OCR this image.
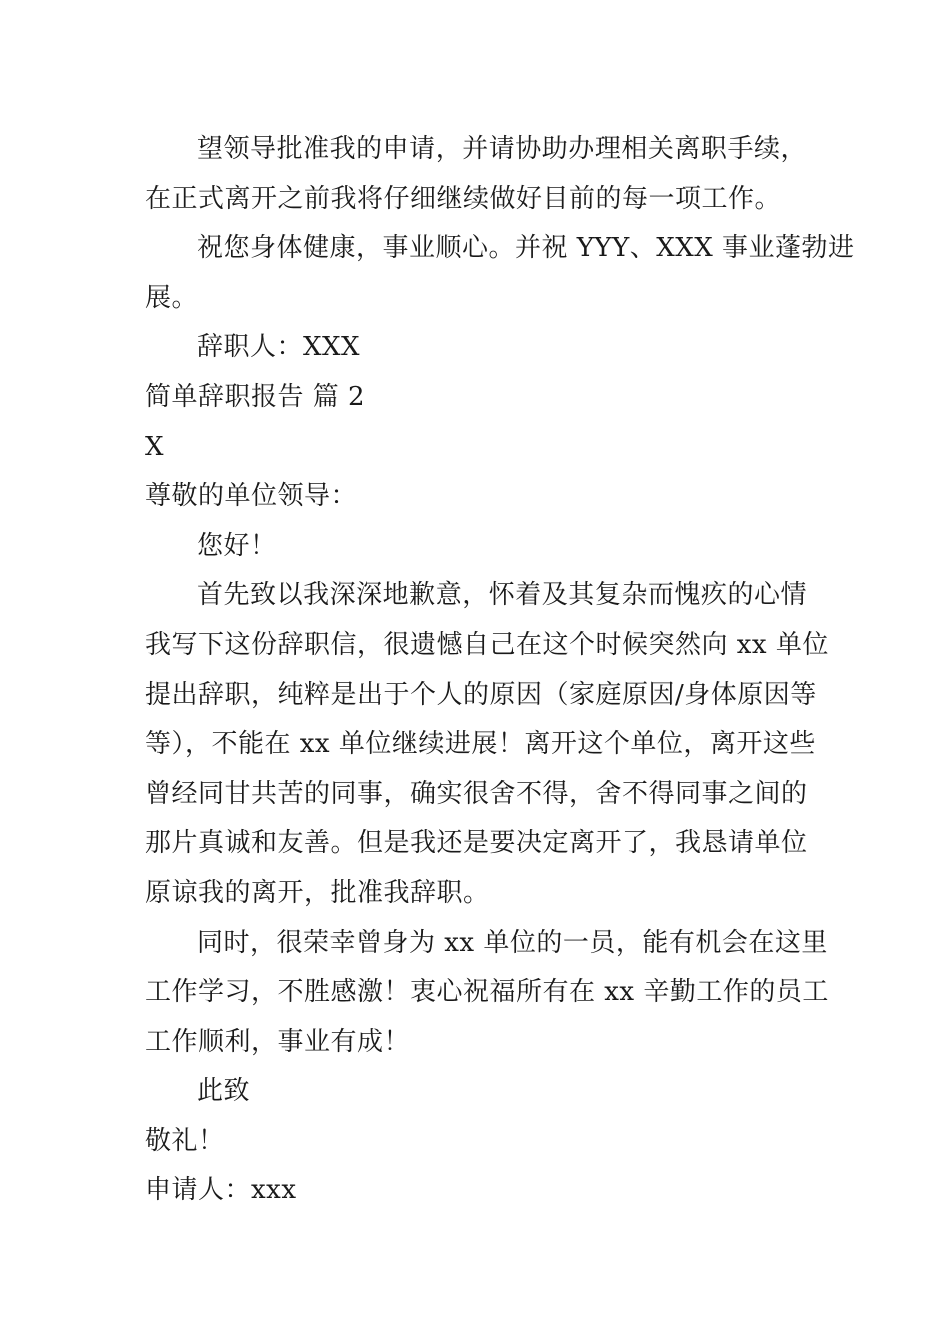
望领导批准我的申请，并请协助办理相关离职手续，
在正式离开之前我将仔细继续做好目前的每一项工作。

祝您身体健康，事业顺心。并祝 YYY、XXX 事业蓬勃进
展。

辞职人：XXX

简单辞职报告 篇 2

X

尊敬的单位领导：

您好！

首先致以我深深地歉意，怀着及其复杂而愧疚的心情
我写下这份辞职信，很遗憾自己在这个时候突然向 xx 单位
提出辞职，纯粹是出于个人的原因（家庭原因/身体原因等
等），不能在 xx 单位继续进展！离开这个单位，离开这些
曾经同甘共苦的同事，确实很舍不得，舍不得同事之间的
那片真诚和友善。但是我还是要决定离开了，我恳请单位
原谅我的离开，批准我辞职。

同时，很荣幸曾身为 xx 单位的一员，能有机会在这里
工作学习，不胜感激！衷心祝福所有在 xx 辛勤工作的员工
工作顺利，事业有成！

此致

敬礼！

申请人：xxx
